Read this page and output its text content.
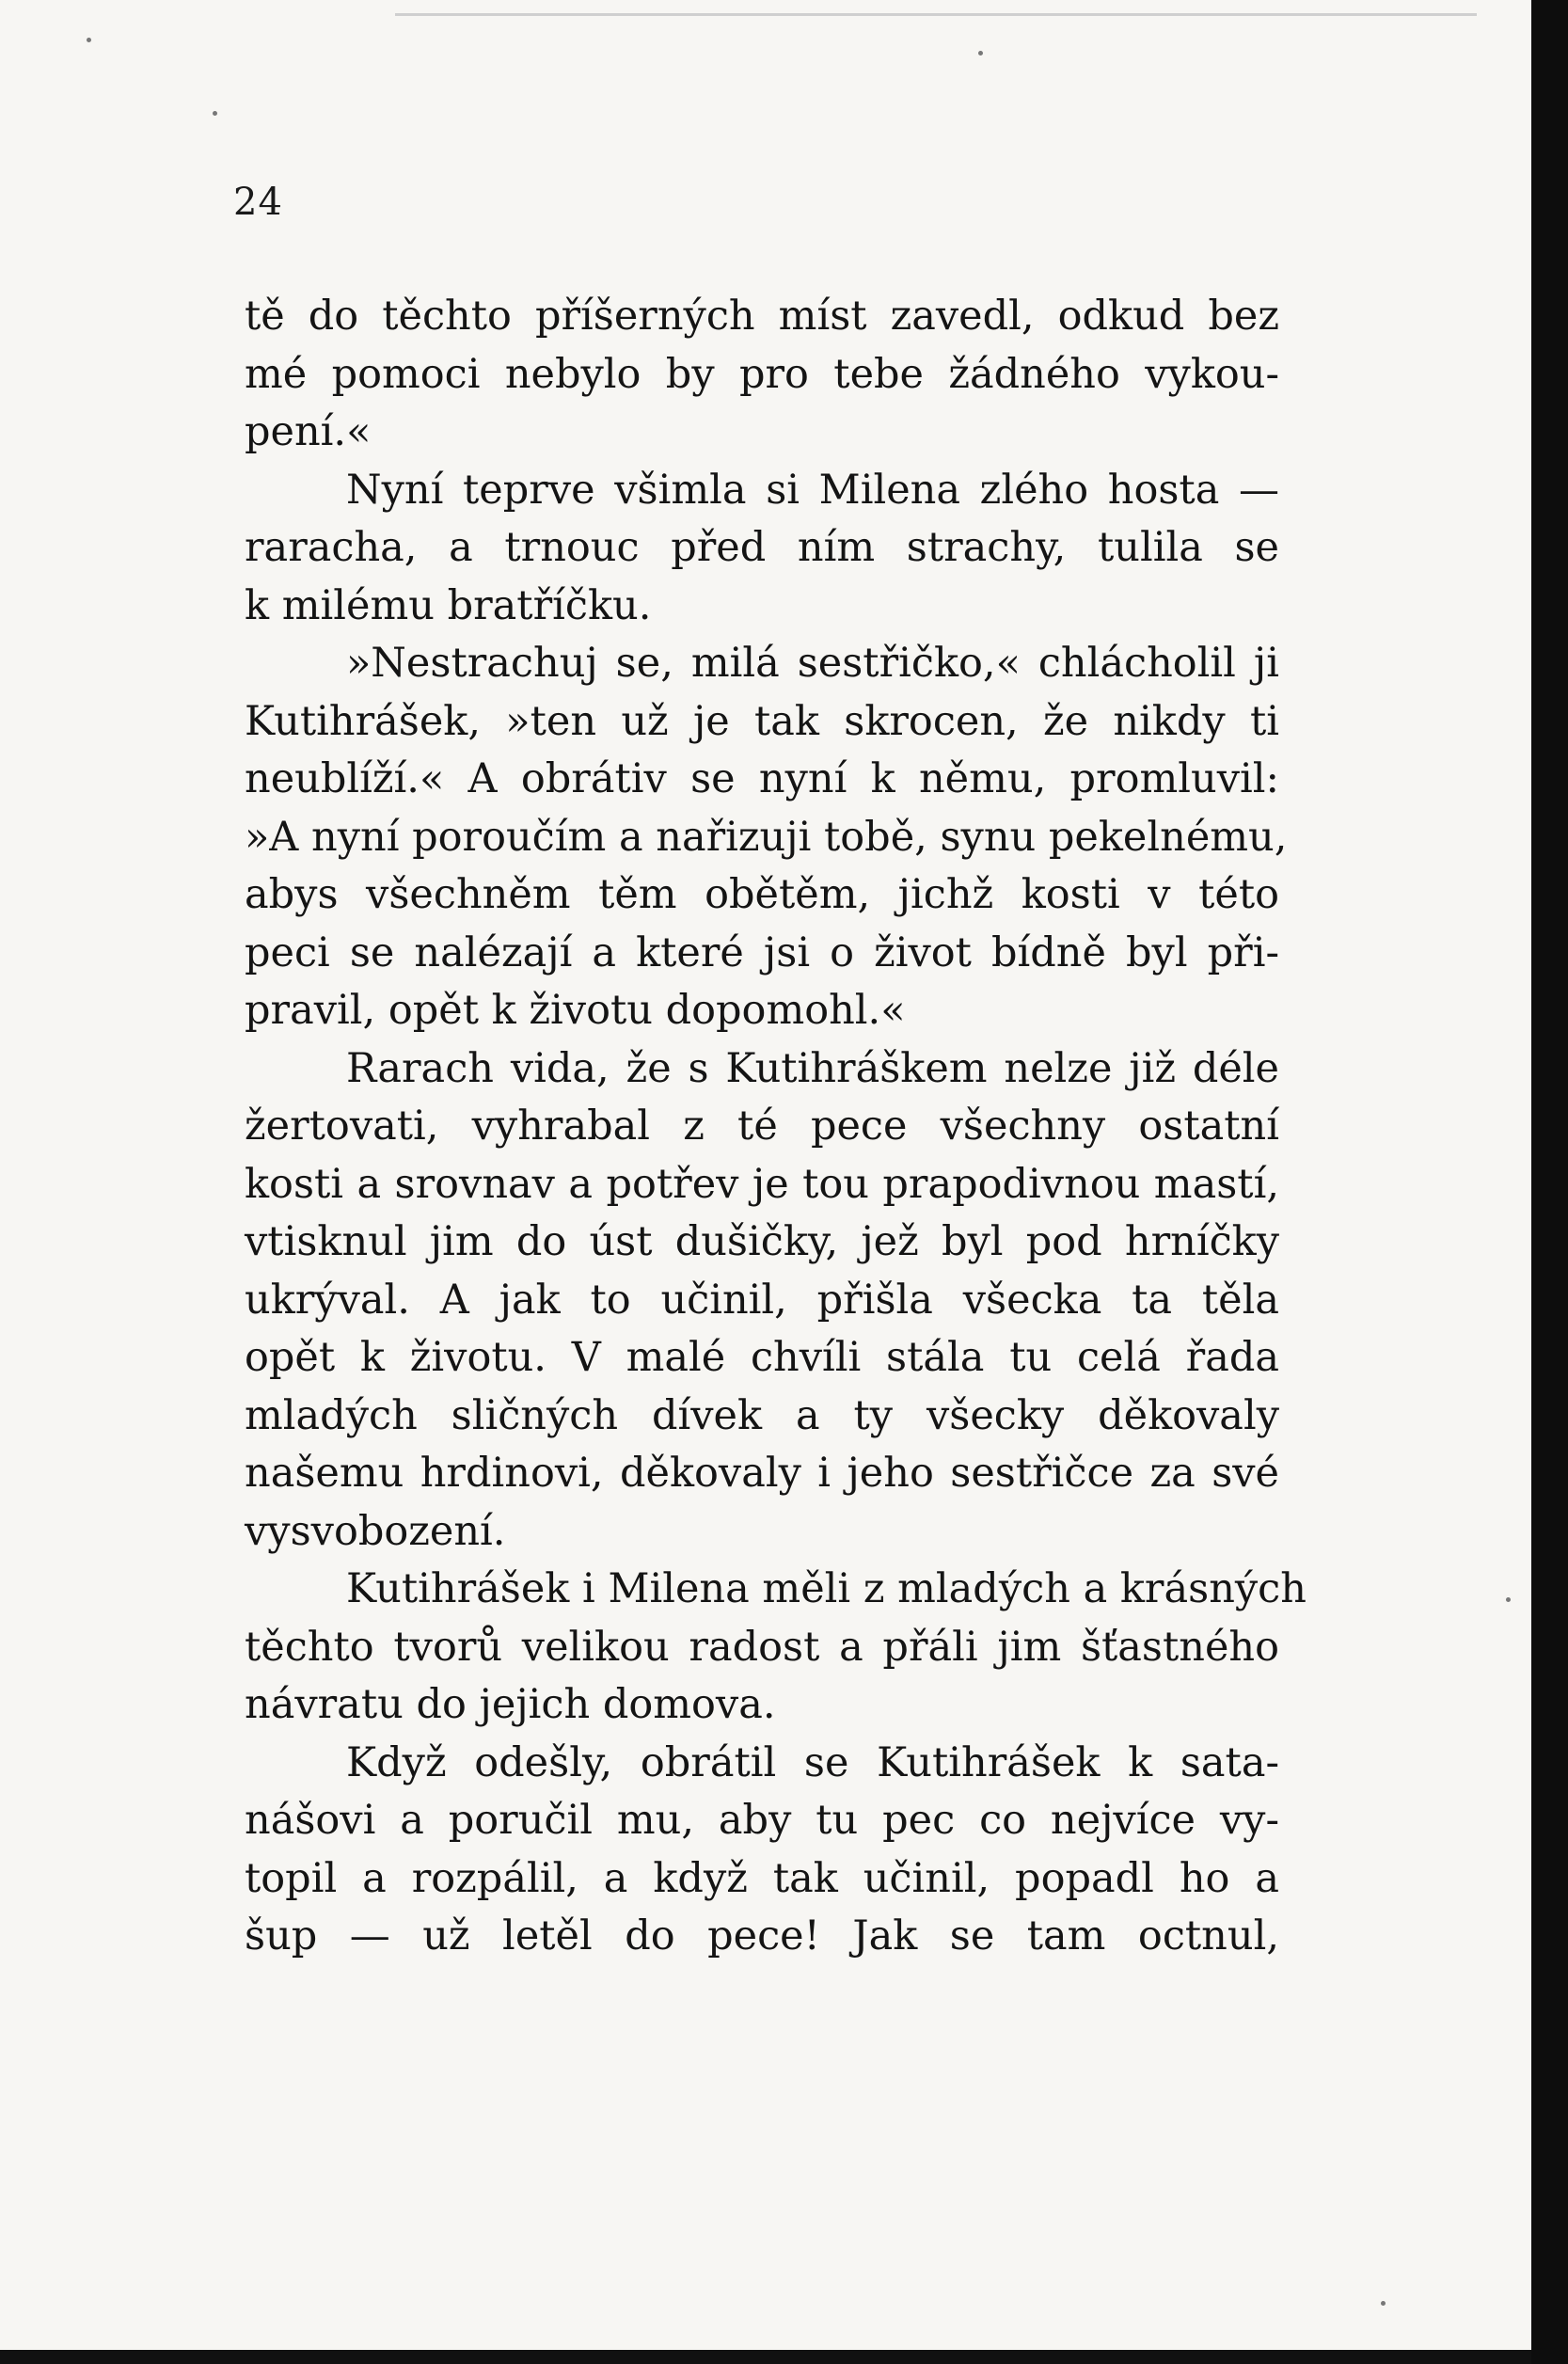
24
tě do těchto příšerných míst zavedl, odkud bez
mé pomoci nebylo by pro tebe žádného vykou-
pení.«
Nyní teprve všimla si Milena zlého hosta —
raracha, a trnouc před ním strachy, tulila se
k milému bratříčku.
»Nestrachuj se, milá sestřičko,« chlácholil ji
Kutihrášek, »ten už je tak skrocen, že nikdy ti
neublíží.« A obrátiv se nyní k němu, promluvil:
»A nyní poroučím a nařizuji tobě, synu pekelnému,
abys všechněm těm obětěm, jichž kosti v této
peci se nalézají a které jsi o život bídně byl při-
pravil, opět k životu dopomohl.«
Rarach vida, že s Kutihráškem nelze již déle
žertovati, vyhrabal z té pece všechny ostatní
kosti a srovnav a potřev je tou prapodivnou mastí,
vtisknul jim do úst dušičky, jež byl pod hrníčky
ukrýval. A jak to učinil, přišla všecka ta těla
opět k životu. V malé chvíli stála tu celá řada
mladých sličných dívek a ty všecky děkovaly
našemu hrdinovi, děkovaly i jeho sestřičce za své
vysvobození.
Kutihrášek i Milena měli z mladých a krásných
těchto tvorů velikou radost a přáli jim šťastného
návratu do jejich domova.
Když odešly, obrátil se Kutihrášek k sata-
nášovi a poručil mu, aby tu pec co nejvíce vy-
topil a rozpálil, a když tak učinil, popadl ho a
šup — už letěl do pece! Jak se tam octnul,
